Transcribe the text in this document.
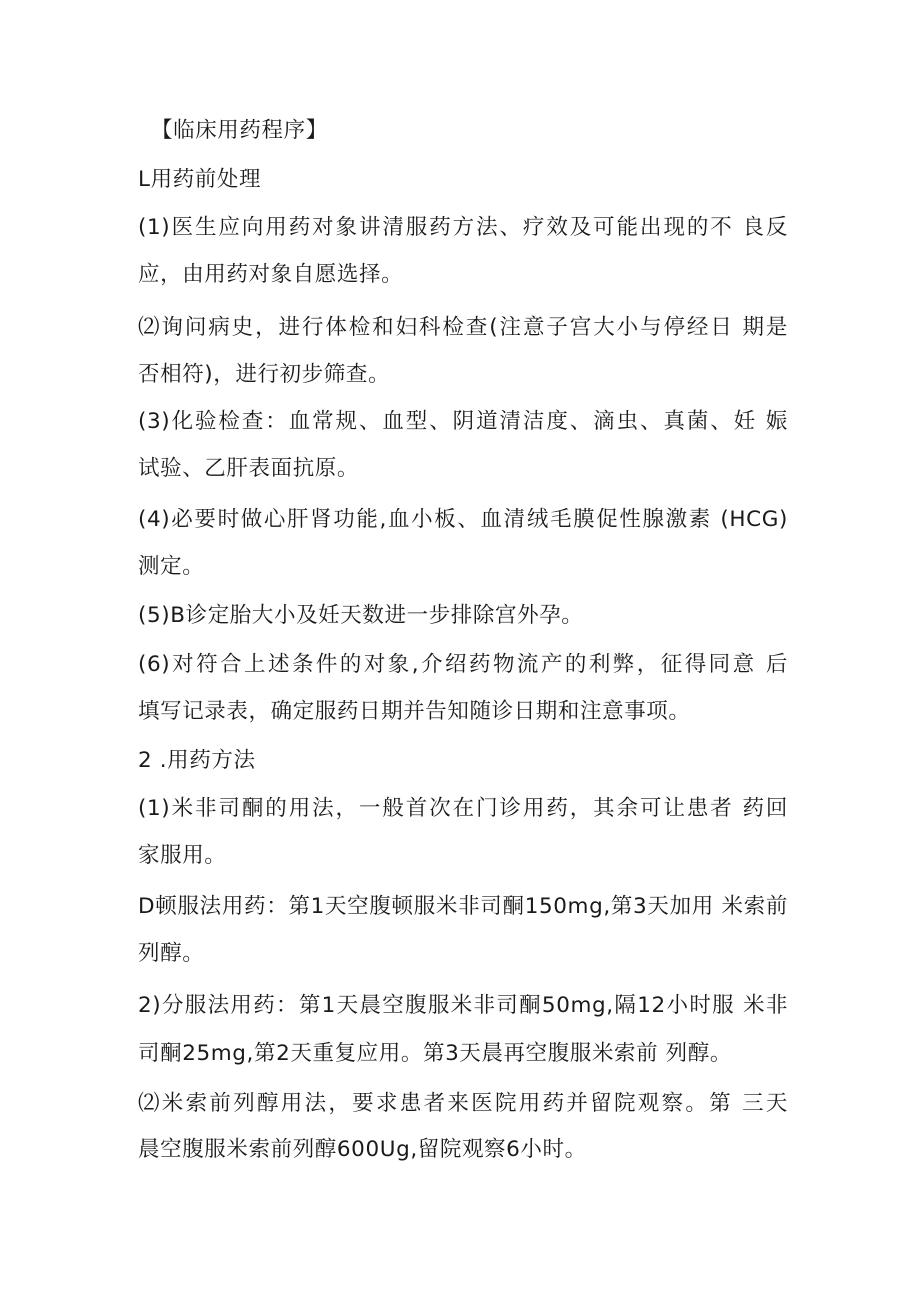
【临床用药程序】
L用药前处理
(1)医生应向用药对象讲清服药方法、疗效及可能出现的不 良反
应，由用药对象自愿选择。
⑵询问病史，进行体检和妇科检查(注意子宫大小与停经日 期是
否相符)，进行初步筛查。
(3)化验检查：血常规、血型、阴道清洁度、滴虫、真菌、妊 娠
试验、乙肝表面抗原。
(4)必要时做心肝肾功能,血小板、血清绒毛膜促性腺激素 (HCG)
测定。
(5)B诊定胎大小及妊天数进一步排除宫外孕。
(6)对符合上述条件的对象,介绍药物流产的利弊，征得同意 后
填写记录表，确定服药日期并告知随诊日期和注意事项。
2 .用药方法
(1)米非司酮的用法，一般首次在门诊用药，其余可让患者 药回
家服用。
D顿服法用药：第1天空腹顿服米非司酮150mg,第3天加用 米索前
列醇。
2)分服法用药：第1天晨空腹服米非司酮50mg,隔12小时服 米非
司酮25mg,第2天重复应用。第3天晨再空腹服米索前 列醇。
⑵米索前列醇用法，要求患者来医院用药并留院观察。第 三天
晨空腹服米索前列醇600Ug,留院观察6小时。
